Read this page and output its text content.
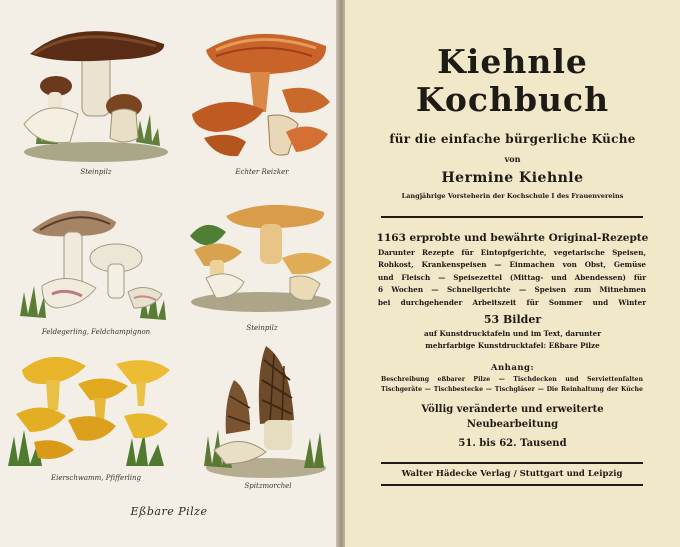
Steinpilz	Echter Reizker
Feldegerling, Feldchampignon	Steinpilz
Eierschwamm, Pfifferling
Spitzmorchel
Eßbare Pilze
Kiehnle
Kochbuch
für die einfache bürgerliche Küche
von
Hermine Kiehnle
Langjährige Vorsteherin der Kochschule I des Frauenvereins
1163 erprobte und bewährte Original-Rezepte
Darunter Rezepte für Eintopfgerichte, vegetarische Speisen,
Rohkost, Krankenspeisen — Einmachen von Obst, Gemüse
und Fleisch — Speisezettel (Mittag- und Abendessen) für
6 Wochen — Schnellgerichte — Speisen zum Mitnehmen
bei durchgehender Arbeitszeit für Sommer und Winter
53 Bilder
auf Kunstdrucktafeln und im Text, darunter
mehrfarbige Kunstdrucktafel: Eßbare Pilze
Anhang:
Beschreibung eßbarer Pilze — Tischdecken und Serviettenfalten
Tischgeräte — Tischbestecke — Tischgläser — Die Reinhaltung der Küche
Völlig veränderte und erweiterte
Neubearbeitung
51. bis 62. Tausend
Walter Hädecke Verlag / Stuttgart und Leipzig
